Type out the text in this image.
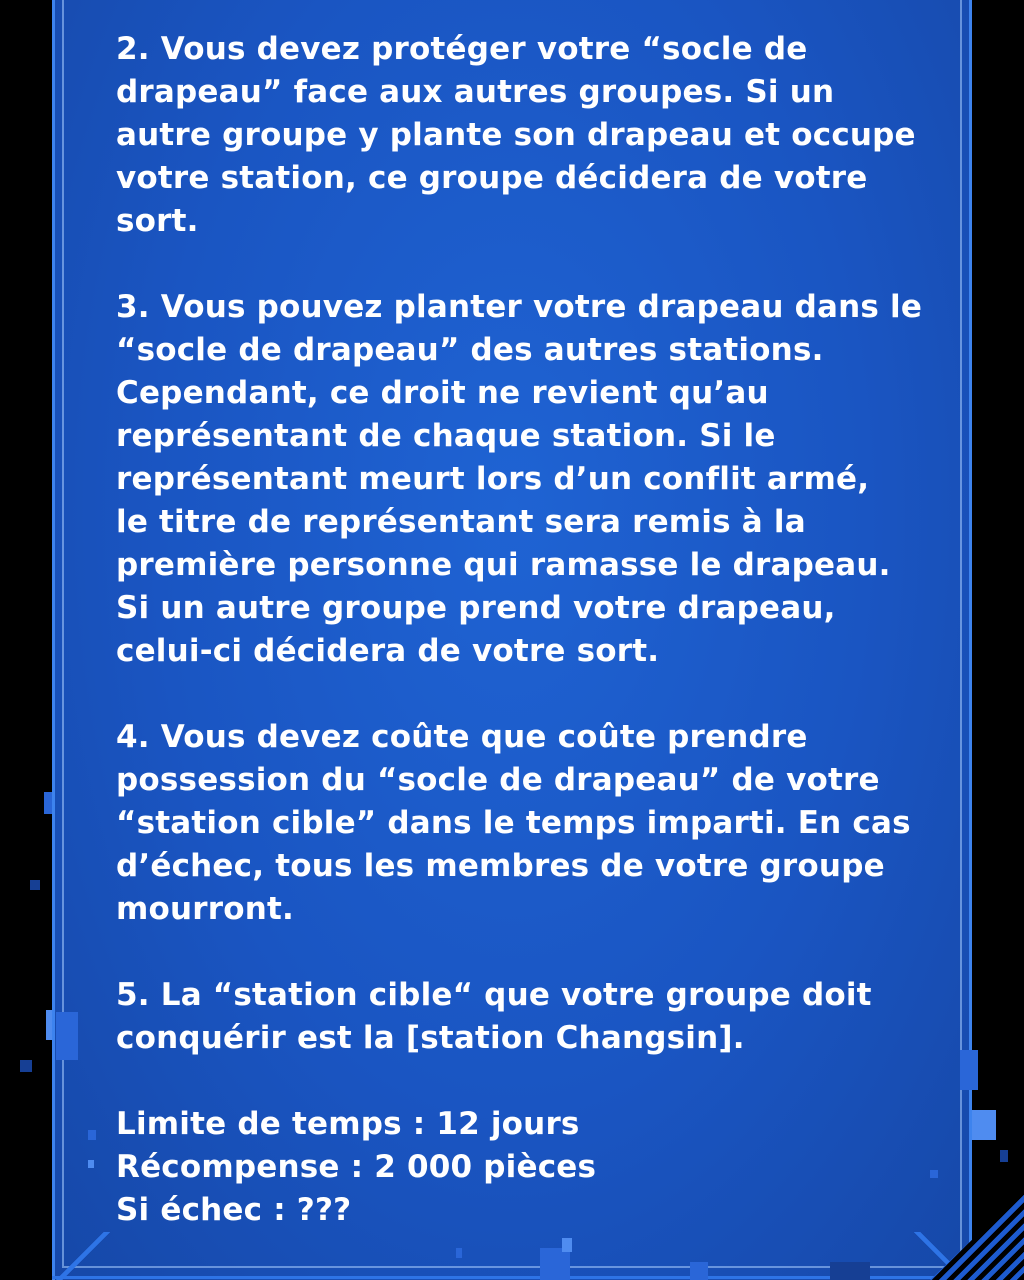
2. Vous devez protéger votre “socle de
drapeau” face aux autres groupes. Si un
autre groupe y plante son drapeau et occupe
votre station, ce groupe décidera de votre
sort.

3. Vous pouvez planter votre drapeau dans le
“socle de drapeau” des autres stations.
Cependant, ce droit ne revient qu’au
représentant de chaque station. Si le
représentant meurt lors d’un conflit armé,
le titre de représentant sera remis à la
première personne qui ramasse le drapeau.
Si un autre groupe prend votre drapeau,
celui-ci décidera de votre sort.

4. Vous devez coûte que coûte prendre
possession du “socle de drapeau” de votre
“station cible” dans le temps imparti. En cas
d’échec, tous les membres de votre groupe
mourront.

5. La “station cible“ que votre groupe doit
conquérir est la [station Changsin].

Limite de temps : 12 jours

Récompense : 2 000 pièces

Si échec : ???
